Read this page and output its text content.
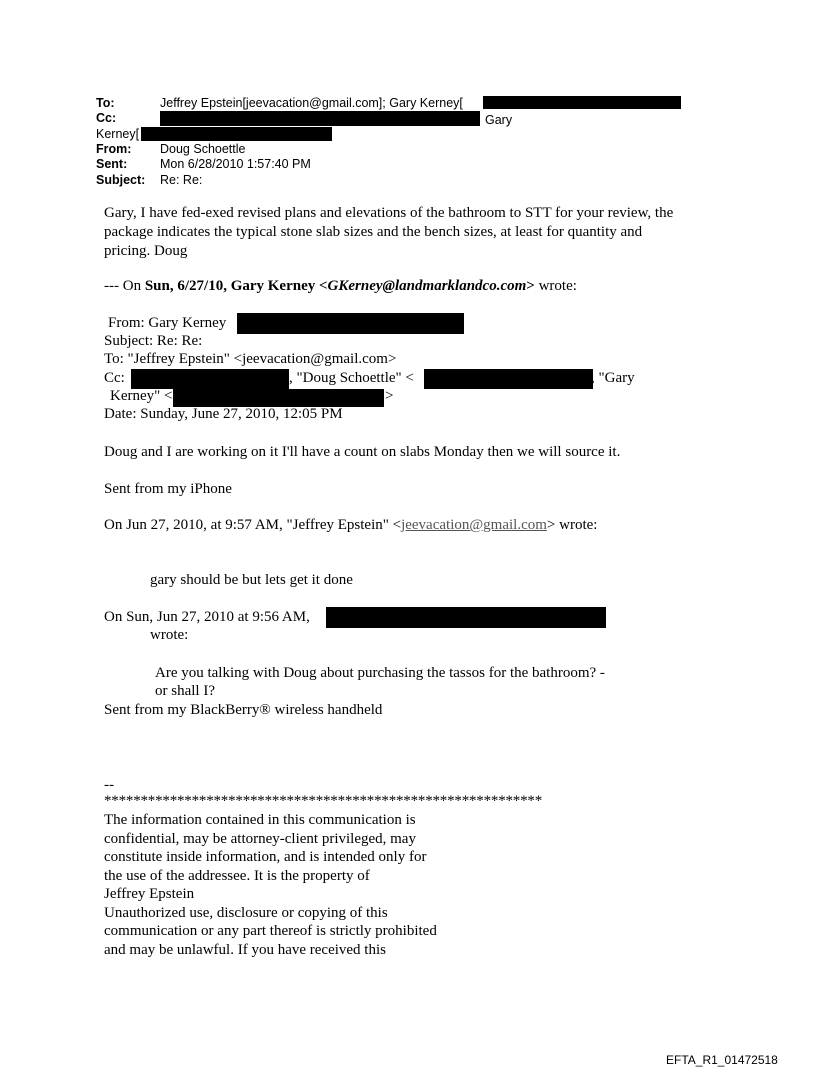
To:	Jeffrey Epstein[jeevacation@gmail.com]; Gary Kerney[
Cc:	Gary
Kerney[
From: Doug Schoettle
Sent:	Mon 6/28/2010 1:57:40 PM
Subject: Re: Re:
Gary, I have fed-exed revised plans and elevations of the bathroom to STT for your review, the
package indicates the typical stone slab sizes and the bench sizes, at least for quantity and
pricing. Doug
--- On Sun, 6/27/10, Gary Kerney <GKerney@landmarklandco.com> wrote:
From: Gary Kerney
Subject: Re: Re:
To: "Jeffrey Epstein" <jeevacation@gmail.com>
Cc:	, "Doug Schoettle" <	, "Gary
Kerney" <	>
Date: Sunday, June 27, 2010, 12:05 PM
Doug and I are working on it I'll have a count on slabs Monday then we will source it.
Sent from my iPhone
On Jun 27, 2010, at 9:57 AM, "Jeffrey Epstein" <jeevacation@gmail.com> wrote:
gary should be but lets get it done
On Sun, Jun 27, 2010 at 9:56 AM,
wrote:
Are you talking with Doug about purchasing the tassos for the bathroom? -
or shall I?
Sent from my BlackBerry® wireless handheld
--
************************************************************
The information contained in this communication is
confidential, may be attorney-client privileged, may
constitute inside information, and is intended only for
the use of the addressee. It is the property of
Jeffrey Epstein
Unauthorized use, disclosure or copying of this
communication or any part thereof is strictly prohibited
and may be unlawful. If you have received this
EFTA_R1_01472518
